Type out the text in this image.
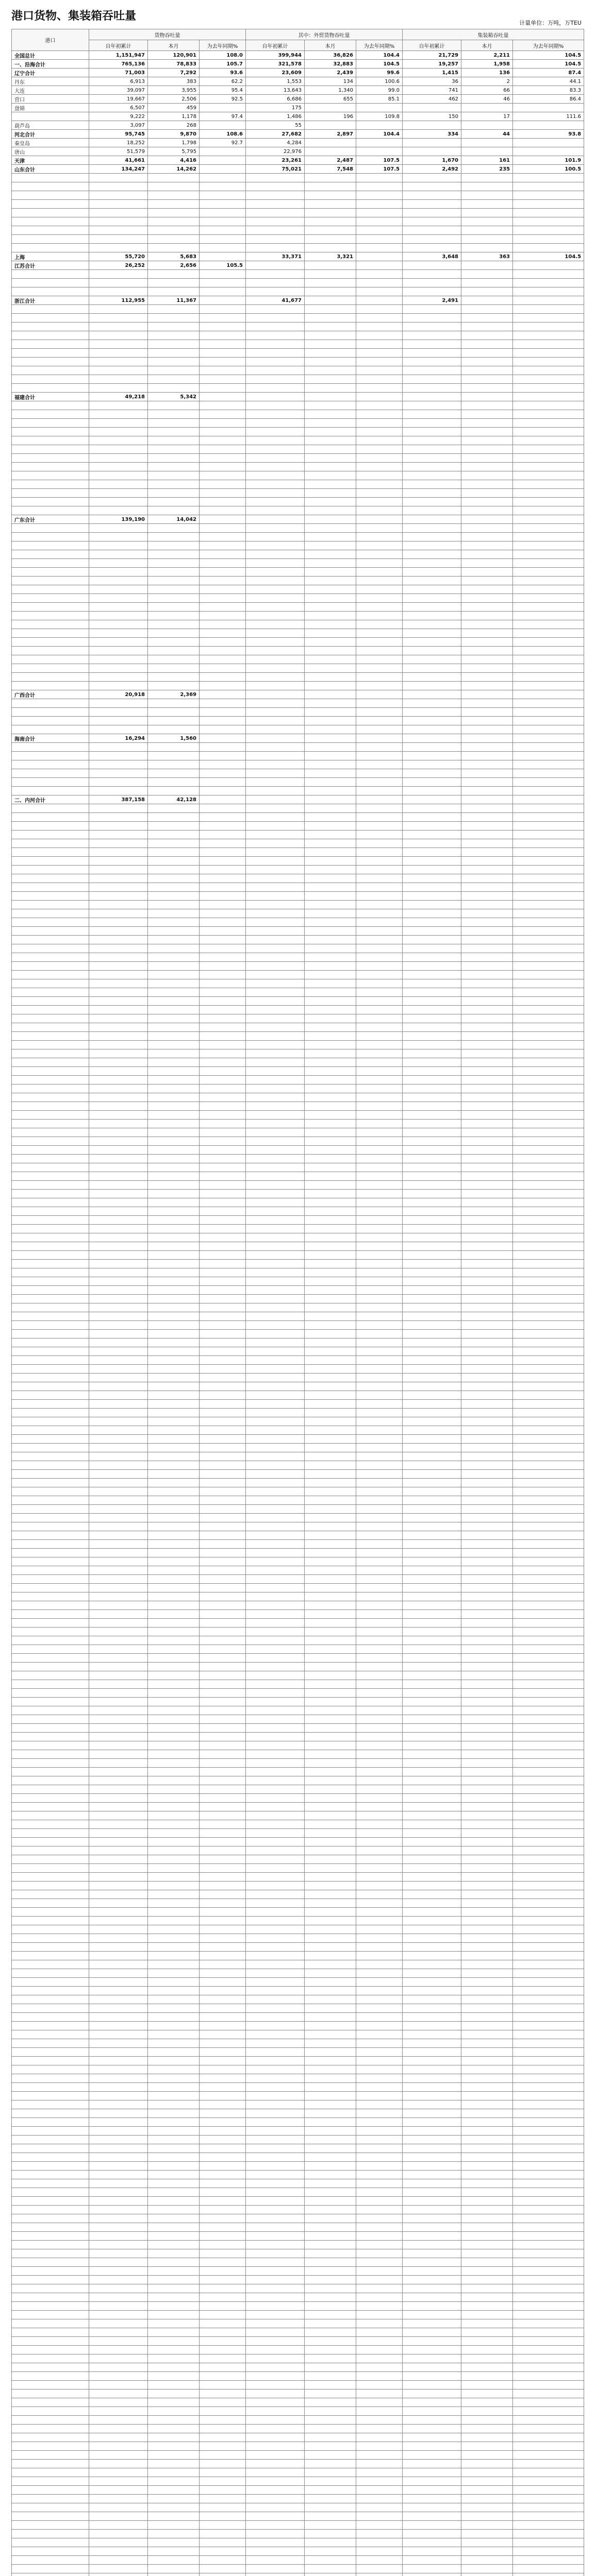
港口货物、集装箱吞吐量
计量单位：万吨，万TEU
港口	货物吞吐量			其中：外贸货物吞吐量			集装箱吞吐量		
	自年初累计	本月	为去年同期%	自年初累计	本月	为去年同期%	自年初累计	本月	为去年同期%
全国总计	1,151,947	120,901	108.0	399,944	36,826	104.4	21,729	2,211	104.5
一、沿海合计	765,136	78,833	105.7	321,578	32,883	104.5	19,257	1,958	104.5
辽宁合计	71,003	7,292	93.6	23,609	2,439	99.6	1,415	136	87.4
丹东	6,913	383	62.2	1,553	134	100.6	36	2	44.1
大连	39,097	3,955	95.4	13,643	1,340	99.0	741	66	83.3
营口	19,667	2,506	92.5	6,686	655	85.1	462	46	86.4
盘锦	6,507	459		175					
	9,222	1,178	97.4	1,486	196	109.8	150	17	111.6
葫芦岛	3,097	268		55					
河北合计	95,745	9,870	108.6	27,682	2,897	104.4	334	44	93.8
秦皇岛	18,252	1,798	92.7	4,284					
唐山	51,579	5,795		22,976					
天津	41,661	4,416		23,261	2,487	107.5	1,670	161	101.9
山东合计	134,247	14,262		75,021	7,548	107.5	2,492	235	100.5

上海	55,720	5,683		33,371	3,321		3,648	363	104.5
江苏合计	26,252	2,656	105.5						

浙江合计	112,955	11,367		41,677			2,491		

福建合计	49,218	5,342							

广东合计	139,190	14,042							

广西合计	20,918	2,369							

海南合计	16,294	1,560							

二、内河合计	387,158	42,128							
